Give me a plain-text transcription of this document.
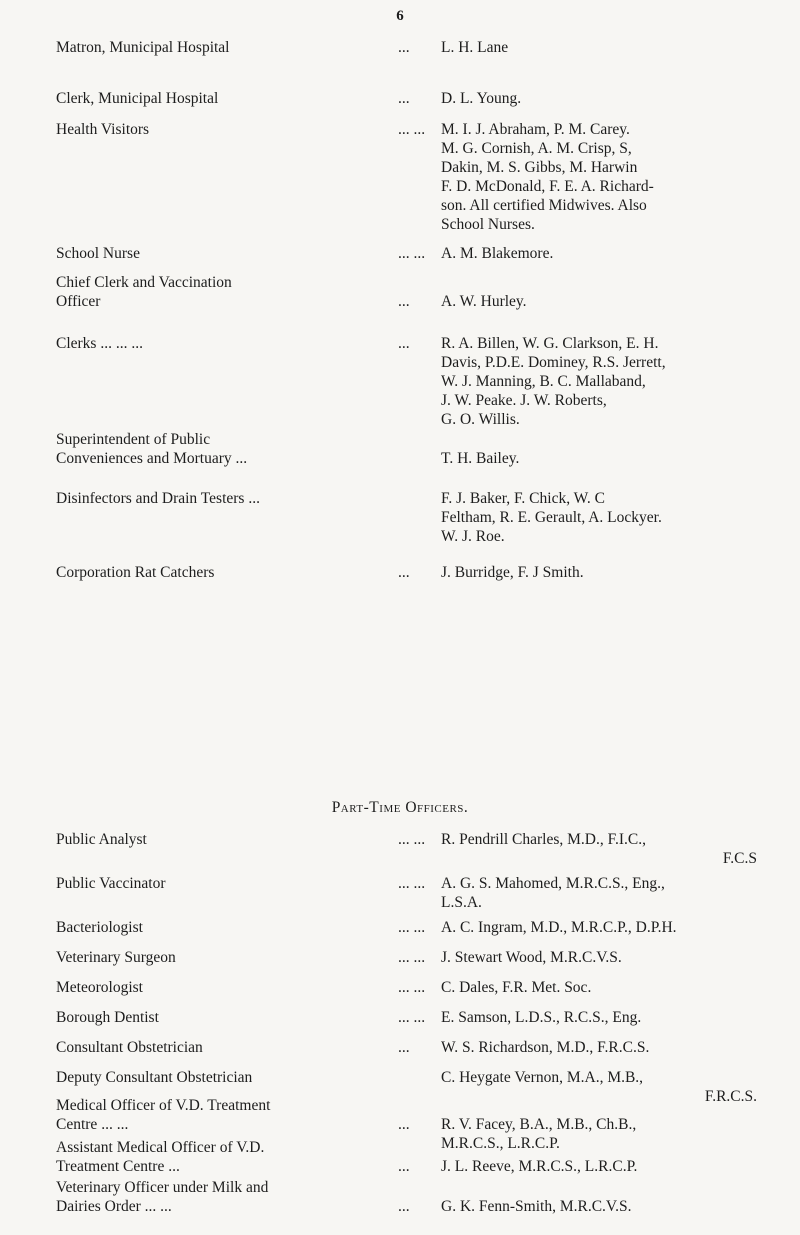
6
Matron, Municipal Hospital	...	L. H. Lane
Clerk, Municipal Hospital	...	D. L. Young.
Health Visitors	... ...	M. I. J. Abraham, P. M. Carey.
M. G. Cornish, A. M. Crisp, S,
Dakin, M. S. Gibbs, M. Harwin
F. D. McDonald, F. E. A. Richard-
son. All certified Midwives. Also
School Nurses.
School Nurse	... ...	A. M. Blakemore.
Chief Clerk and Vaccination
Officer	...	A. W. Hurley.
Clerks ... ... ...	...	R. A. Billen, W. G. Clarkson, E. H.
Davis, P.D.E. Dominey, R.S. Jerrett,
W. J. Manning, B. C. Mallaband,
J. W. Peake. J. W. Roberts,
G. O. Willis.
Superintendent of Public
Conveniences and Mortuary ...	T. H. Bailey.
Disinfectors and Drain Testers ...	F. J. Baker, F. Chick, W. C
Feltham, R. E. Gerault, A. Lockyer.
W. J. Roe.
Corporation Rat Catchers	...	J. Burridge, F. J Smith.
Part-Time Officers.
Public Analyst	... ...	R. Pendrill Charles, M.D., F.I.C.,
F.C.S
Public Vaccinator	... ...	A. G. S. Mahomed, M.R.C.S., Eng.,
L.S.A.
Bacteriologist	... ...	A. C. Ingram, M.D., M.R.C.P., D.P.H.
Veterinary Surgeon	... ...	J. Stewart Wood, M.R.C.V.S.
Meteorologist	... ...	C. Dales, F.R. Met. Soc.
Borough Dentist	... ...	E. Samson, L.D.S., R.C.S., Eng.
Consultant Obstetrician	...	W. S. Richardson, M.D., F.R.C.S.
Deputy Consultant Obstetrician	C. Heygate Vernon, M.A., M.B.,
F.R.C.S.
Medical Officer of V.D. Treatment
Centre ... ...	...	R. V. Facey, B.A., M.B., Ch.B.,
M.R.C.S., L.R.C.P.
Assistant Medical Officer of V.D.
Treatment Centre ...	...	J. L. Reeve, M.R.C.S., L.R.C.P.
Veterinary Officer under Milk and
Dairies Order ... ...	...	G. K. Fenn-Smith, M.R.C.V.S.
